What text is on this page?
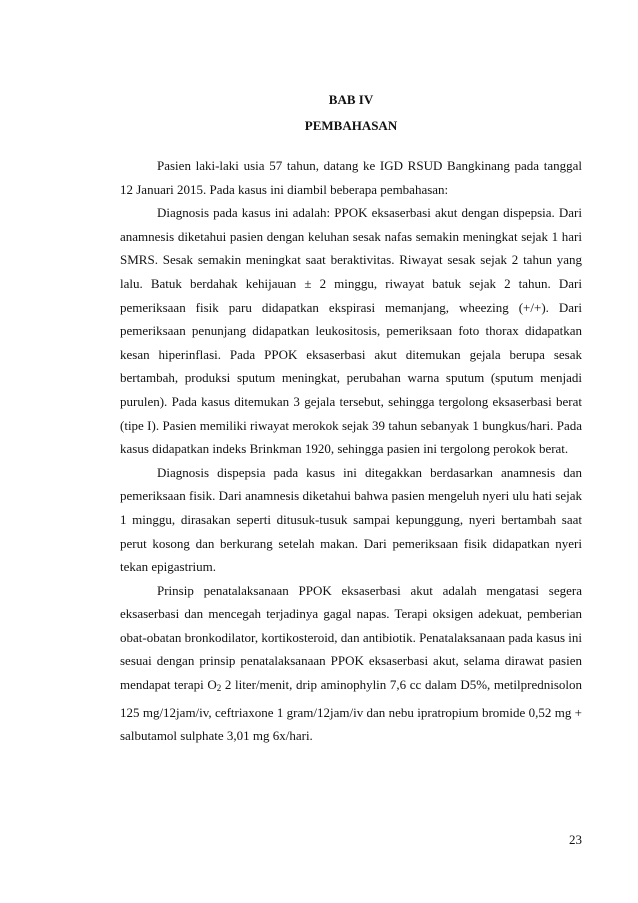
BAB IV
PEMBAHASAN

Pasien laki-laki usia 57 tahun, datang ke IGD RSUD Bangkinang pada tanggal 12 Januari 2015. Pada kasus ini diambil beberapa pembahasan:

Diagnosis pada kasus ini adalah: PPOK eksaserbasi akut dengan dispepsia. Dari anamnesis diketahui pasien dengan keluhan sesak nafas semakin meningkat sejak 1 hari SMRS. Sesak semakin meningkat saat beraktivitas. Riwayat sesak sejak 2 tahun yang lalu. Batuk berdahak kehijauan ± 2 minggu, riwayat batuk sejak 2 tahun. Dari pemeriksaan fisik paru didapatkan ekspirasi memanjang, wheezing (+/+). Dari pemeriksaan penunjang didapatkan leukositosis, pemeriksaan foto thorax didapatkan kesan hiperinflasi. Pada PPOK eksaserbasi akut ditemukan gejala berupa sesak bertambah, produksi sputum meningkat, perubahan warna sputum (sputum menjadi purulen). Pada kasus ditemukan 3 gejala tersebut, sehingga tergolong eksaserbasi berat (tipe I). Pasien memiliki riwayat merokok sejak 39 tahun sebanyak 1 bungkus/hari. Pada kasus didapatkan indeks Brinkman 1920, sehingga pasien ini tergolong perokok berat.

Diagnosis dispepsia pada kasus ini ditegakkan berdasarkan anamnesis dan pemeriksaan fisik. Dari anamnesis diketahui bahwa pasien mengeluh nyeri ulu hati sejak 1 minggu, dirasakan seperti ditusuk-tusuk sampai kepunggung, nyeri bertambah saat perut kosong dan berkurang setelah makan. Dari pemeriksaan fisik didapatkan nyeri tekan epigastrium.

Prinsip penatalaksanaan PPOK eksaserbasi akut adalah mengatasi segera eksaserbasi dan mencegah terjadinya gagal napas. Terapi oksigen adekuat, pemberian obat-obatan bronkodilator, kortikosteroid, dan antibiotik. Penatalaksanaan pada kasus ini sesuai dengan prinsip penatalaksanaan PPOK eksaserbasi akut, selama dirawat pasien mendapat terapi $O_2$ 2 liter/menit, drip aminophylin 7,6 cc dalam D5%, metilprednisolon 125 mg/12jam/iv, ceftriaxone 1 gram/12jam/iv dan nebu ipratropium bromide 0,52 mg + salbutamol sulphate 3,01 mg 6x/hari.

23
